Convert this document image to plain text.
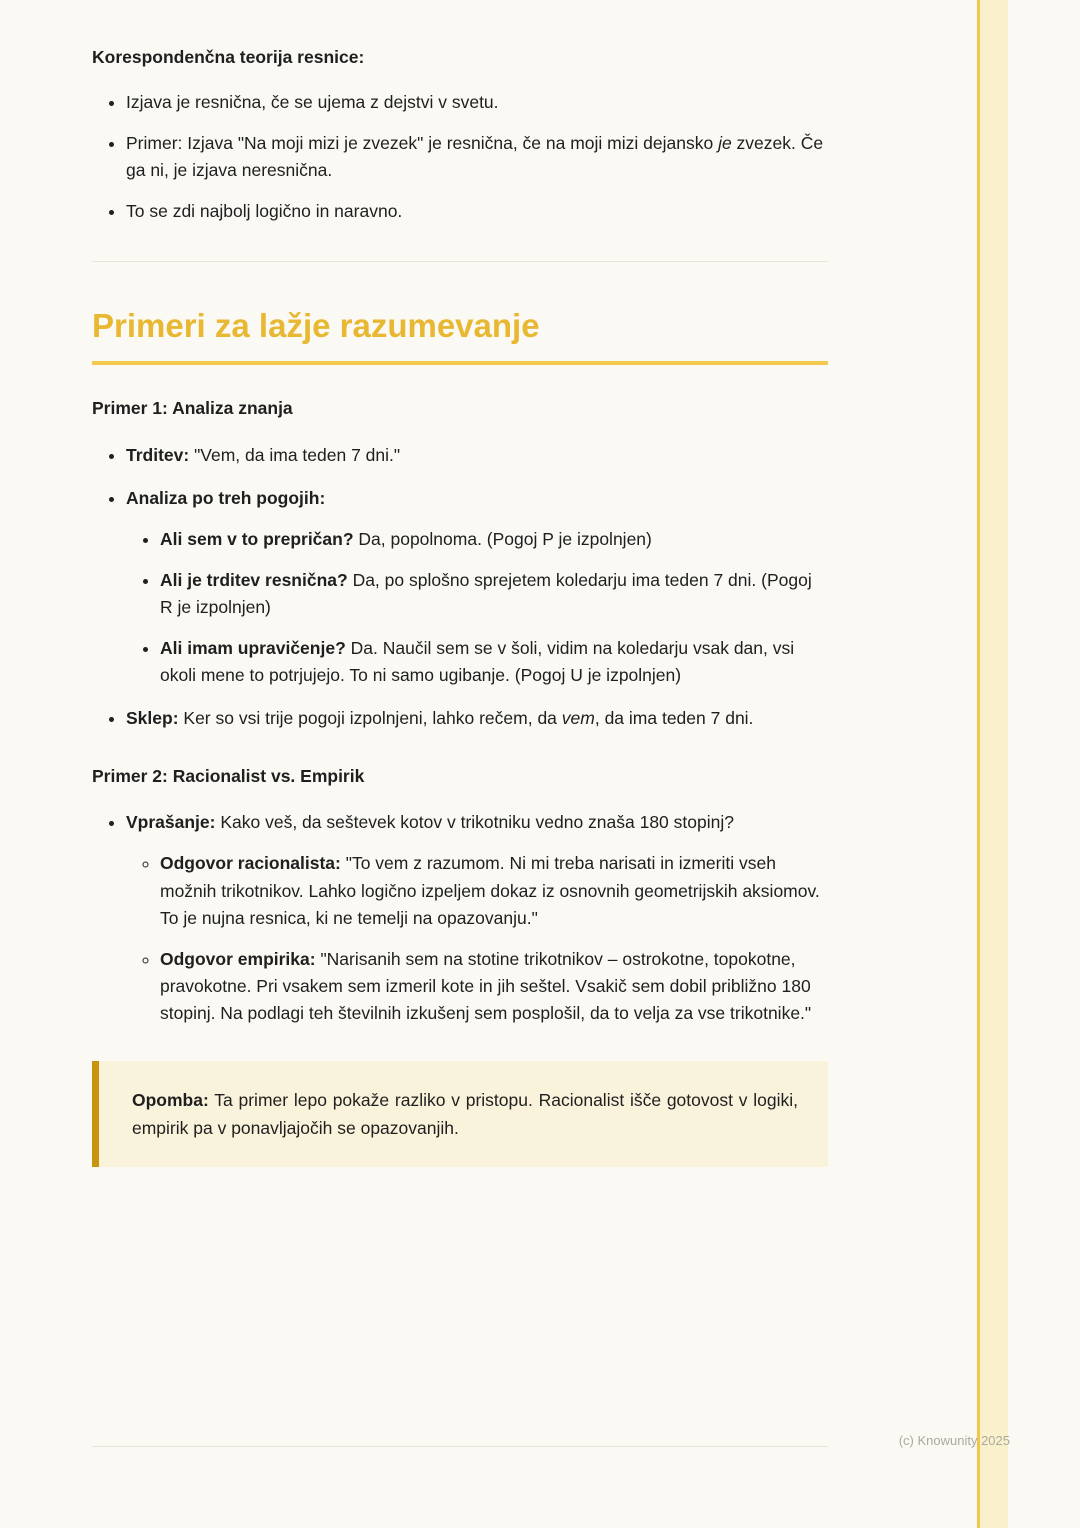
Korespondenčna teorija resnice:
• Izjava je resnična, če se ujema z dejstvi v svetu.
• Primer: Izjava "Na moji mizi je zvezek" je resnična, če na moji mizi dejansko je zvezek. Če ga ni, je izjava neresnična.
• To se zdi najbolj logično in naravno.
Primeri za lažje razumevanje
Primer 1: Analiza znanja
• Trditev: "Vem, da ima teden 7 dni."
• Analiza po treh pogojih:
• Ali sem v to prepričan? Da, popolnoma. (Pogoj P je izpolnjen)
• Ali je trditev resnična? Da, po splošno sprejetem koledarju ima teden 7 dni. (Pogoj R je izpolnjen)
• Ali imam upravičenje? Da. Naučil sem se v šoli, vidim na koledarju vsak dan, vsi okoli mene to potrjujejo. To ni samo ugibanje. (Pogoj U je izpolnjen)
• Sklep: Ker so vsi trije pogoji izpolnjeni, lahko rečem, da vem, da ima teden 7 dni.
Primer 2: Racionalist vs. Empirik
• Vprašanje: Kako veš, da seštevek kotov v trikotniku vedno znaša 180 stopinj?
◦ Odgovor racionalista: "To vem z razumom. Ni mi treba narisati in izmeriti vseh možnih trikotnikov. Lahko logično izpeljem dokaz iz osnovnih geometrijskih aksiomov. To je nujna resnica, ki ne temelji na opazovanju."
◦ Odgovor empirika: "Narisanih sem na stotine trikotnikov – ostrokotne, topokotne, pravokotne. Pri vsakem sem izmeril kote in jih seštel. Vsakič sem dobil približno 180 stopinj. Na podlagi teh številnih izkušenj sem posplošil, da to velja za vse trikotnike."

Opomba: Ta primer lepo pokaže razliko v pristopu. Racionalist išče gotovost v logiki, empirik pa v ponavljajočih se opazovanjih.

(c) Knowunity 2025
